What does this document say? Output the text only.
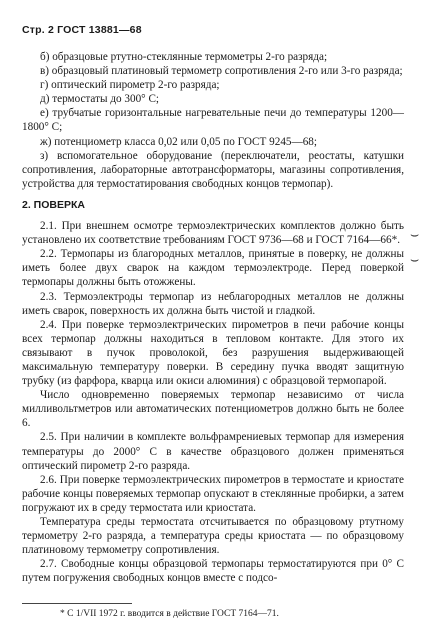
Стр. 2 ГОСТ 13881—68

б) образцовые ртутно-стеклянные термометры 2-го разряда;

в) образцовый платиновый термометр сопротивления 2-го или 3-го разряда;

г) оптический пирометр 2-го разряда;

д) термостаты до 300° С;

е) трубчатые горизонтальные нагревательные печи до температуры 1200—1800° С;

ж) потенциометр класса 0,02 или 0,05 по ГОСТ 9245—68;

з) вспомогательное оборудование (переключатели, реостаты, катушки сопротивления, лабораторные автотрансформаторы, магазины сопротивления, устройства для термостатирования свободных концов термопар).

2. ПОВЕРКА

2.1. При внешнем осмотре термоэлектрических комплектов должно быть установлено их соответствие требованиям ГОСТ 9736—68 и ГОСТ 7164—66*.

2.2. Термопары из благородных металлов, принятые в поверку, не должны иметь более двух сварок на каждом термоэлектроде. Перед поверкой термопары должны быть отожжены.

2.3. Термоэлектроды термопар из неблагородных металлов не должны иметь сварок, поверхность их должна быть чистой и гладкой.

2.4. При поверке термоэлектрических пирометров в печи рабочие концы всех термопар должны находиться в тепловом контакте. Для этого их связывают в пучок проволокой, без разрушения выдерживающей максимальную температуру поверки. В середину пучка вводят защитную трубку (из фарфора, кварца или окиси алюминия) с образцовой термопарой.

Число одновременно поверяемых термопар независимо от числа милливольтметров или автоматических потенциометров должно быть не более 6.

2.5. При наличии в комплекте вольфрамрениевых термопар для измерения температуры до 2000° С в качестве образцового должен применяться оптический пирометр 2-го разряда.

2.6. При поверке термоэлектрических пирометров в термостате и криостате рабочие концы поверяемых термопар опускают в стеклянные пробирки, а затем погружают их в среду термостата или криостата.

Температура среды термостата отсчитывается по образцовому ртутному термометру 2-го разряда, а температура среды криостата — по образцовому платиновому термометру сопротивления.

2.7. Свободные концы образцовой термопары термостатируются при 0° С путем погружения свободных концов вместе с подсо-

⌣
⌣
* С 1/VII 1972 г. вводится в действие ГОСТ 7164—71.
